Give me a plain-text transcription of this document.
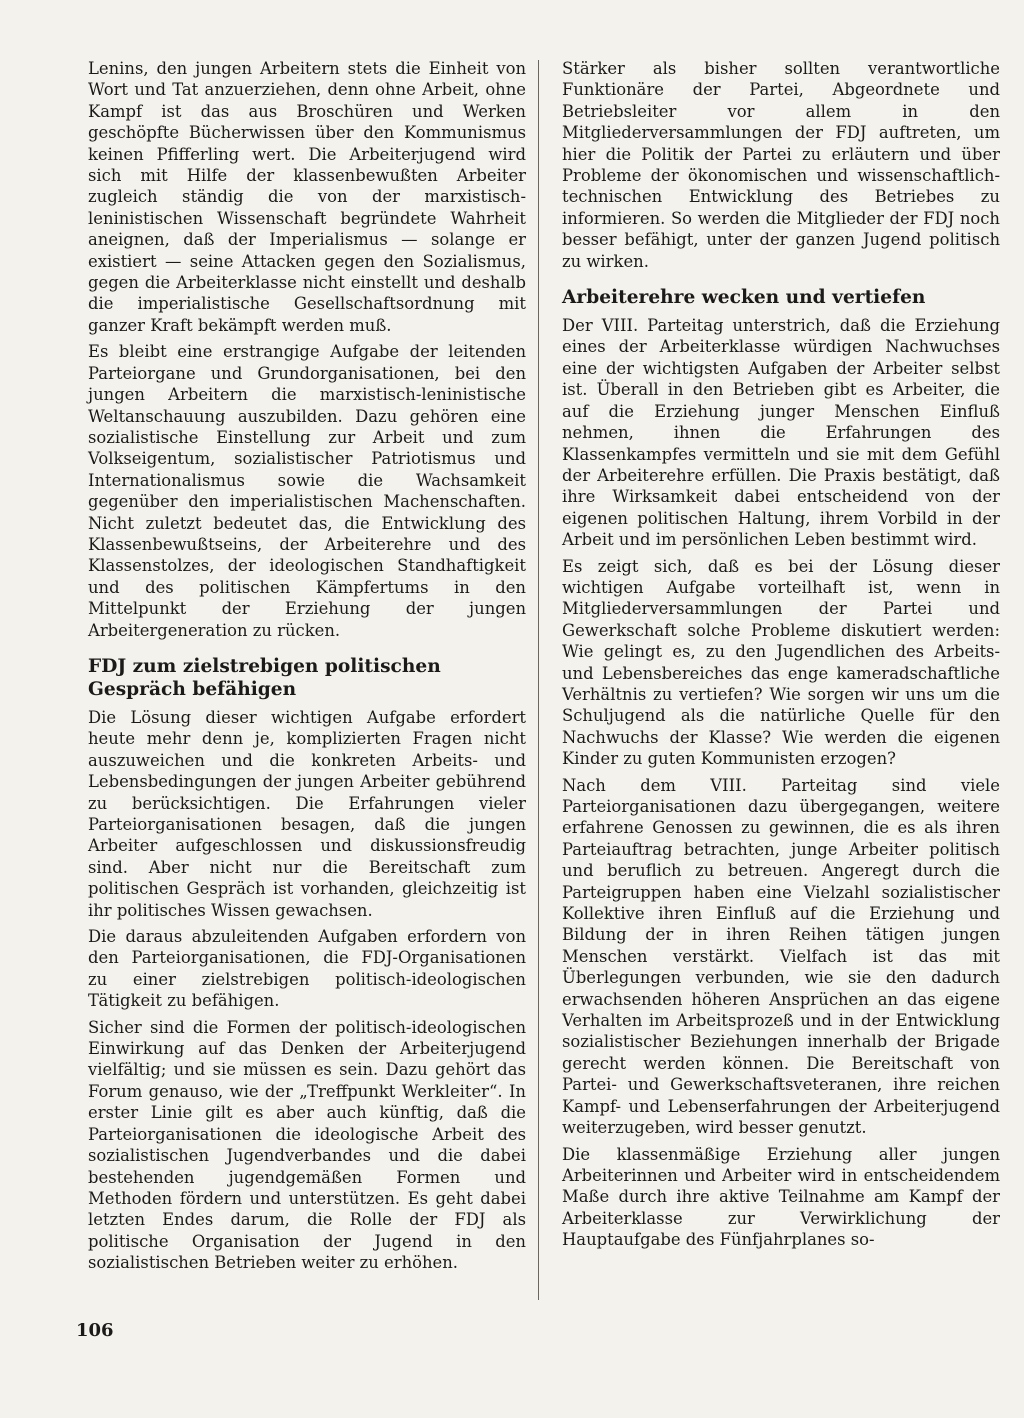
Lenins, den jungen Arbeitern stets die Einheit von Wort und Tat anzuerziehen, denn ohne Arbeit, ohne Kampf ist das aus Broschüren und Werken geschöpfte Bücherwissen über den Kommunismus keinen Pfifferling wert. Die Arbeiterjugend wird sich mit Hilfe der klassenbewußten Arbeiter zugleich ständig die von der marxistisch-leninistischen Wissenschaft begründete Wahrheit aneignen, daß der Imperialismus — solange er existiert — seine Attacken gegen den Sozialismus, gegen die Arbeiterklasse nicht einstellt und deshalb die imperialistische Gesellschaftsordnung mit ganzer Kraft bekämpft werden muß.

Es bleibt eine erstrangige Aufgabe der leitenden Parteiorgane und Grundorganisationen, bei den jungen Arbeitern die marxistisch-leninistische Weltanschauung auszubilden. Dazu gehören eine sozialistische Einstellung zur Arbeit und zum Volkseigentum, sozialistischer Patriotismus und Internationalismus sowie die Wachsamkeit gegenüber den imperialistischen Machenschaften. Nicht zuletzt bedeutet das, die Entwicklung des Klassenbewußtseins, der Arbeiterehre und des Klassenstolzes, der ideologischen Standhaftigkeit und des politischen Kämpfertums in den Mittelpunkt der Erziehung der jungen Arbeitergeneration zu rücken.

FDJ zum zielstrebigen politischen Gespräch befähigen

Die Lösung dieser wichtigen Aufgabe erfordert heute mehr denn je, komplizierten Fragen nicht auszuweichen und die konkreten Arbeits- und Lebensbedingungen der jungen Arbeiter gebührend zu berücksichtigen. Die Erfahrungen vieler Parteiorganisationen besagen, daß die jungen Arbeiter aufgeschlossen und diskussionsfreudig sind. Aber nicht nur die Bereitschaft zum politischen Gespräch ist vorhanden, gleichzeitig ist ihr politisches Wissen gewachsen.

Die daraus abzuleitenden Aufgaben erfordern von den Parteiorganisationen, die FDJ-Organisationen zu einer zielstrebigen politisch-ideologischen Tätigkeit zu befähigen.

Sicher sind die Formen der politisch-ideologischen Einwirkung auf das Denken der Arbeiterjugend vielfältig; und sie müssen es sein. Dazu gehört das Forum genauso, wie der „Treffpunkt Werkleiter“. In erster Linie gilt es aber auch künftig, daß die Parteiorganisationen die ideologische Arbeit des sozialistischen Jugendverbandes und die dabei bestehenden jugendgemäßen Formen und Methoden fördern und unterstützen. Es geht dabei letzten Endes darum, die Rolle der FDJ als politische Organisation der Jugend in den sozialistischen Betrieben weiter zu erhöhen.

Stärker als bisher sollten verantwortliche Funktionäre der Partei, Abgeordnete und Betriebsleiter vor allem in den Mitgliederversammlungen der FDJ auftreten, um hier die Politik der Partei zu erläutern und über Probleme der ökonomischen und wissenschaftlich-technischen Entwicklung des Betriebes zu informieren. So werden die Mitglieder der FDJ noch besser befähigt, unter der ganzen Jugend politisch zu wirken.

Arbeiterehre wecken und vertiefen

Der VIII. Parteitag unterstrich, daß die Erziehung eines der Arbeiterklasse würdigen Nachwuchses eine der wichtigsten Aufgaben der Arbeiter selbst ist. Überall in den Betrieben gibt es Arbeiter, die auf die Erziehung junger Menschen Einfluß nehmen, ihnen die Erfahrungen des Klassenkampfes vermitteln und sie mit dem Gefühl der Arbeiterehre erfüllen. Die Praxis bestätigt, daß ihre Wirksamkeit dabei entscheidend von der eigenen politischen Haltung, ihrem Vorbild in der Arbeit und im persönlichen Leben bestimmt wird.

Es zeigt sich, daß es bei der Lösung dieser wichtigen Aufgabe vorteilhaft ist, wenn in Mitgliederversammlungen der Partei und Gewerkschaft solche Probleme diskutiert werden: Wie gelingt es, zu den Jugendlichen des Arbeits- und Lebensbereiches das enge kameradschaftliche Verhältnis zu vertiefen? Wie sorgen wir uns um die Schuljugend als die natürliche Quelle für den Nachwuchs der Klasse? Wie werden die eigenen Kinder zu guten Kommunisten erzogen?

Nach dem VIII. Parteitag sind viele Parteiorganisationen dazu übergegangen, weitere erfahrene Genossen zu gewinnen, die es als ihren Parteiauftrag betrachten, junge Arbeiter politisch und beruflich zu betreuen. Angeregt durch die Parteigruppen haben eine Vielzahl sozialistischer Kollektive ihren Einfluß auf die Erziehung und Bildung der in ihren Reihen tätigen jungen Menschen verstärkt. Vielfach ist das mit Überlegungen verbunden, wie sie den dadurch erwachsenden höheren Ansprüchen an das eigene Verhalten im Arbeitsprozeß und in der Entwicklung sozialistischer Beziehungen innerhalb der Brigade gerecht werden können. Die Bereitschaft von Partei- und Gewerkschaftsveteranen, ihre reichen Kampf- und Lebenserfahrungen der Arbeiterjugend weiterzugeben, wird besser genutzt.

Die klassenmäßige Erziehung aller jungen Arbeiterinnen und Arbeiter wird in entscheidendem Maße durch ihre aktive Teilnahme am Kampf der Arbeiterklasse zur Verwirklichung der Hauptaufgabe des Fünfjahrplanes so-

106
